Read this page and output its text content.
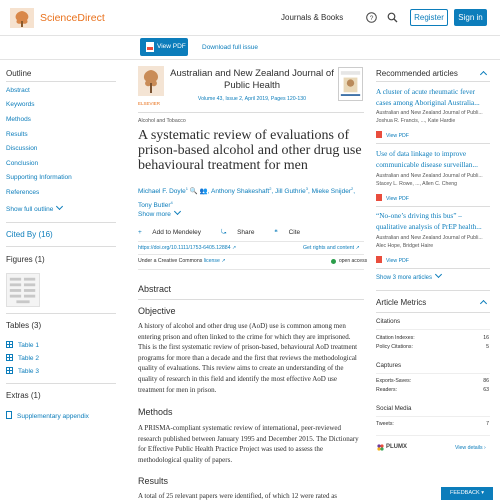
ScienceDirect	Journals & Books	?	Register	Sign in
View PDF	Download full issue
Outline
Abstract
Keywords
Methods
Results
Discussion
Conclusion
Supporting Information
References
Show full outline
Cited By (16)
Figures (1)
Tables (3)
Table 1
Table 2
Table 3
Extras (1)
Supplementary appendix
ELSEVIER
Australian and New Zealand Journal of Public Health
Volume 43, Issue 2, April 2019, Pages 120-130
Alcohol and Tobacco
A systematic review of evaluations of prison-based alcohol and other drug use behavioural treatment for men
Michael F. Doyle$^1$ 🔍 👥, Anthony Shakeshaft$^2$, Jill Guthrie$^3$, Mieke Snijder$^2$, Tony Butler$^4$
Show more
+ Add to Mendeley	⤿ Share	❝ Cite
https://doi.org/10.1111/1753-6405.12884 ↗	Get rights and content ↗
Under a Creative Commons license ↗	open access
Abstract
Objective
A history of alcohol and other drug use (AoD) use is common among men entering prison and often linked to the crime for which they are imprisoned. This is the first systematic review of prison-based, behavioural AoD treatment programs for more than a decade and the first that reviews the methodological quality of evaluations. This review aims to create an understanding of the quality of research in this field and identify the most effective AoD use treatment for men in prison.
Methods
A PRISMA-compliant systematic review of international, peer-reviewed research published between January 1995 and December 2015. The Dictionary for Effective Public Health Practice Project was used to assess the methodological quality of papers.
Results
A total of 25 relevant papers were identified, of which 12 were rated as
Recommended articles
A cluster of acute rheumatic fever cases among Aboriginal Australia...
Australian and New Zealand Journal of Publi...
Joshua R. Francis, ..., Kate Hardie
View PDF
Use of data linkage to improve communicable disease surveillan...
Australian and New Zealand Journal of Publi...
Stacey L. Rowe, ..., Allen C. Cheng
View PDF
“No-one’s driving this bus” – qualitative analysis of PrEP health...
Australian and New Zealand Journal of Publi...
Alec Hope, Bridget Haire
View PDF
Show 3 more articles
Article Metrics
Citations
Citation Indexes:	16
Policy Citations:	5
Captures
Exports-Saves:	86
Readers:	63
Social Media
Tweets:	7
PLUMX	View details ›
FEEDBACK ▾
